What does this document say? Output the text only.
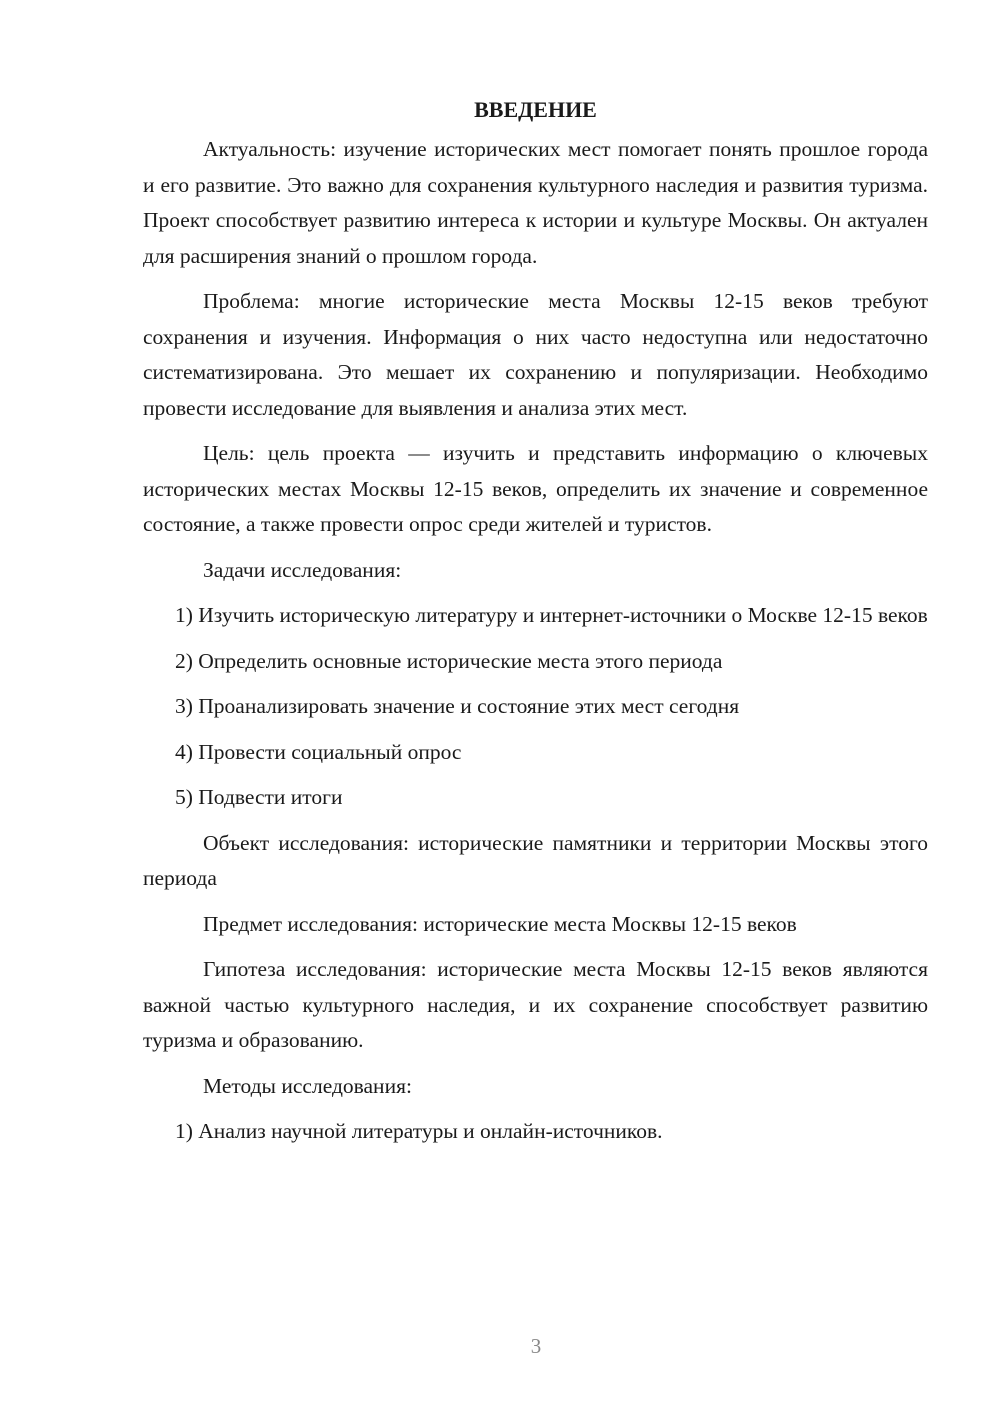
ВВЕДЕНИЕ

Актуальность: изучение исторических мест помогает понять прошлое города и его развитие. Это важно для сохранения культурного наследия и развития туризма. Проект способствует развитию интереса к истории и культуре Москвы. Он актуален для расширения знаний о прошлом города.

Проблема: многие исторические места Москвы 12-15 веков требуют сохранения и изучения. Информация о них часто недоступна или недостаточно систематизирована. Это мешает их сохранению и популяризации. Необходимо провести исследование для выявления и анализа этих мест.

Цель: цель проекта — изучить и представить информацию о ключевых исторических местах Москвы 12-15 веков, определить их значение и современное состояние, а также провести опрос среди жителей и туристов.

Задачи исследования:

1) Изучить историческую литературу и интернет-источники о Москве 12-15 веков

2) Определить основные исторические места этого периода

3) Проанализировать значение и состояние этих мест сегодня

4) Провести социальный опрос

5) Подвести итоги

Объект исследования: исторические памятники и территории Москвы этого периода

Предмет исследования: исторические места Москвы 12-15 веков

Гипотеза исследования: исторические места Москвы 12-15 веков являются важной частью культурного наследия, и их сохранение способствует развитию туризма и образованию.

Методы исследования:

1) Анализ научной литературы и онлайн-источников.

3
